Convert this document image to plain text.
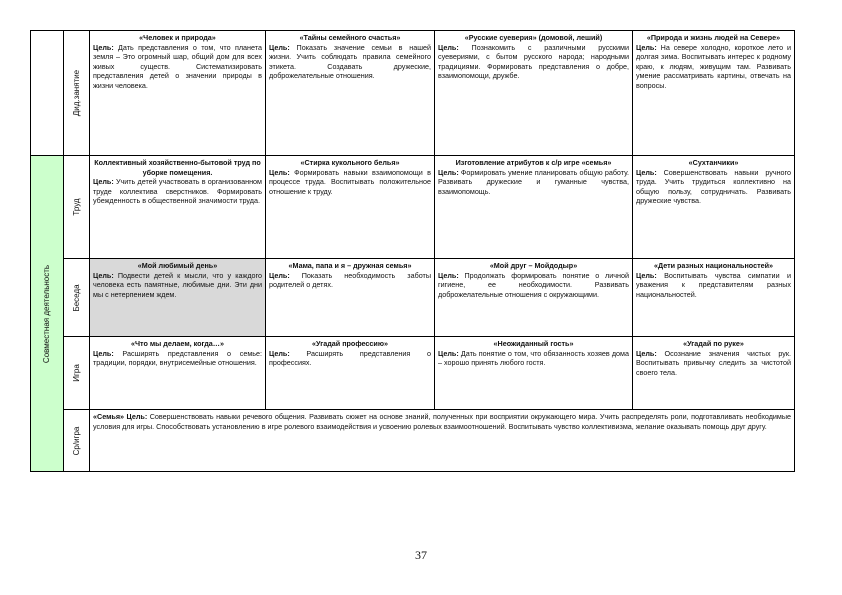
	Дид.занятие	«Человек и природа»
Цель: Дать представления о том, что планета земля – Это огромный шар, общий дом для всех живых существ. Систематизировать представления детей о значении природы в жизни человека.	«Тайны семейного счастья»
Цель: Показать значение семьи в нашей жизни. Учить соблюдать правила семейного этикета. Создавать дружеские, доброжелательные отношения.	«Русские суеверия» (домовой, леший)
Цель: Познакомить с различными русскими суевериями, с бытом русского народа; народными традициями. Формировать представления о добре, взаимопомощи, дружбе.	«Природа и жизнь людей на Севере»
Цель: На севере холодно, короткое лето и долгая зима. Воспитывать интерес к родному краю, к людям, живущим там. Развивать умение рассматривать картины, отвечать на вопросы.

Совместная деятельность	Труд	Коллективный хозяйственно-бытовой труд по уборке помещения.
Цель: Учить детей участвовать в организованном труде коллектива сверстников. Формировать убежденность в общественной значимости труда.	«Стирка кукольного белья»
Цель: Формировать навыки взаимопомощи в процессе труда. Воспитывать положительное отношение к труду.	Изготовление атрибутов к с/р игре «семья»
Цель: Формировать умение планировать общую работу. Развивать дружеские и гуманные чувства, взаимопомощь.	«Сухтанчики»
Цель: Совершенствовать навыки ручного труда. Учить трудиться коллективно на общую пользу, сотрудничать. Развивать дружеские чувства.

	Беседа	«Мой любимый день»
Цель: Подвести детей к мысли, что у каждого человека есть памятные, любимые дни. Эти дни мы с нетерпением ждем.	«Мама, папа и я – дружная семья»
Цель: Показать необходимость заботы родителей о детях.	«Мой друг – Мойдодыр»
Цель: Продолжать формировать понятие о личной гигиене, ее необходимости. Развивать доброжелательные отношения с окружающими.	«Дети разных национальностей»
Цель: Воспитывать чувства симпатии и уважения к представителям разных национальностей.

	Игра	«Что мы делаем, когда…»
Цель: Расширять представления о семье: традиции, порядки, внутрисемейные отношения.	«Угадай профессию»
Цель: Расширять представления о профессиях.	«Неожиданный гость»
Цель: Дать понятие о том, что обязанность хозяев дома – хорошо принять любого гостя.	«Угадай по руке»
Цель: Осознание значения чистых рук. Воспитывать привычку следить за чистотой своего тела.

	Ср/игра	«Семья» Цель: Совершенствовать навыки речевого общения. Развивать сюжет на основе знаний, полученных при восприятии окружающего мира. Учить распределять роли, подготавливать необходимые условия для игры. Способствовать установлению в игре ролевого взаимодействия и усвоению ролевых взаимоотношений. Воспитывать чувство коллективизма, желание оказывать помощь друг другу.			
37
